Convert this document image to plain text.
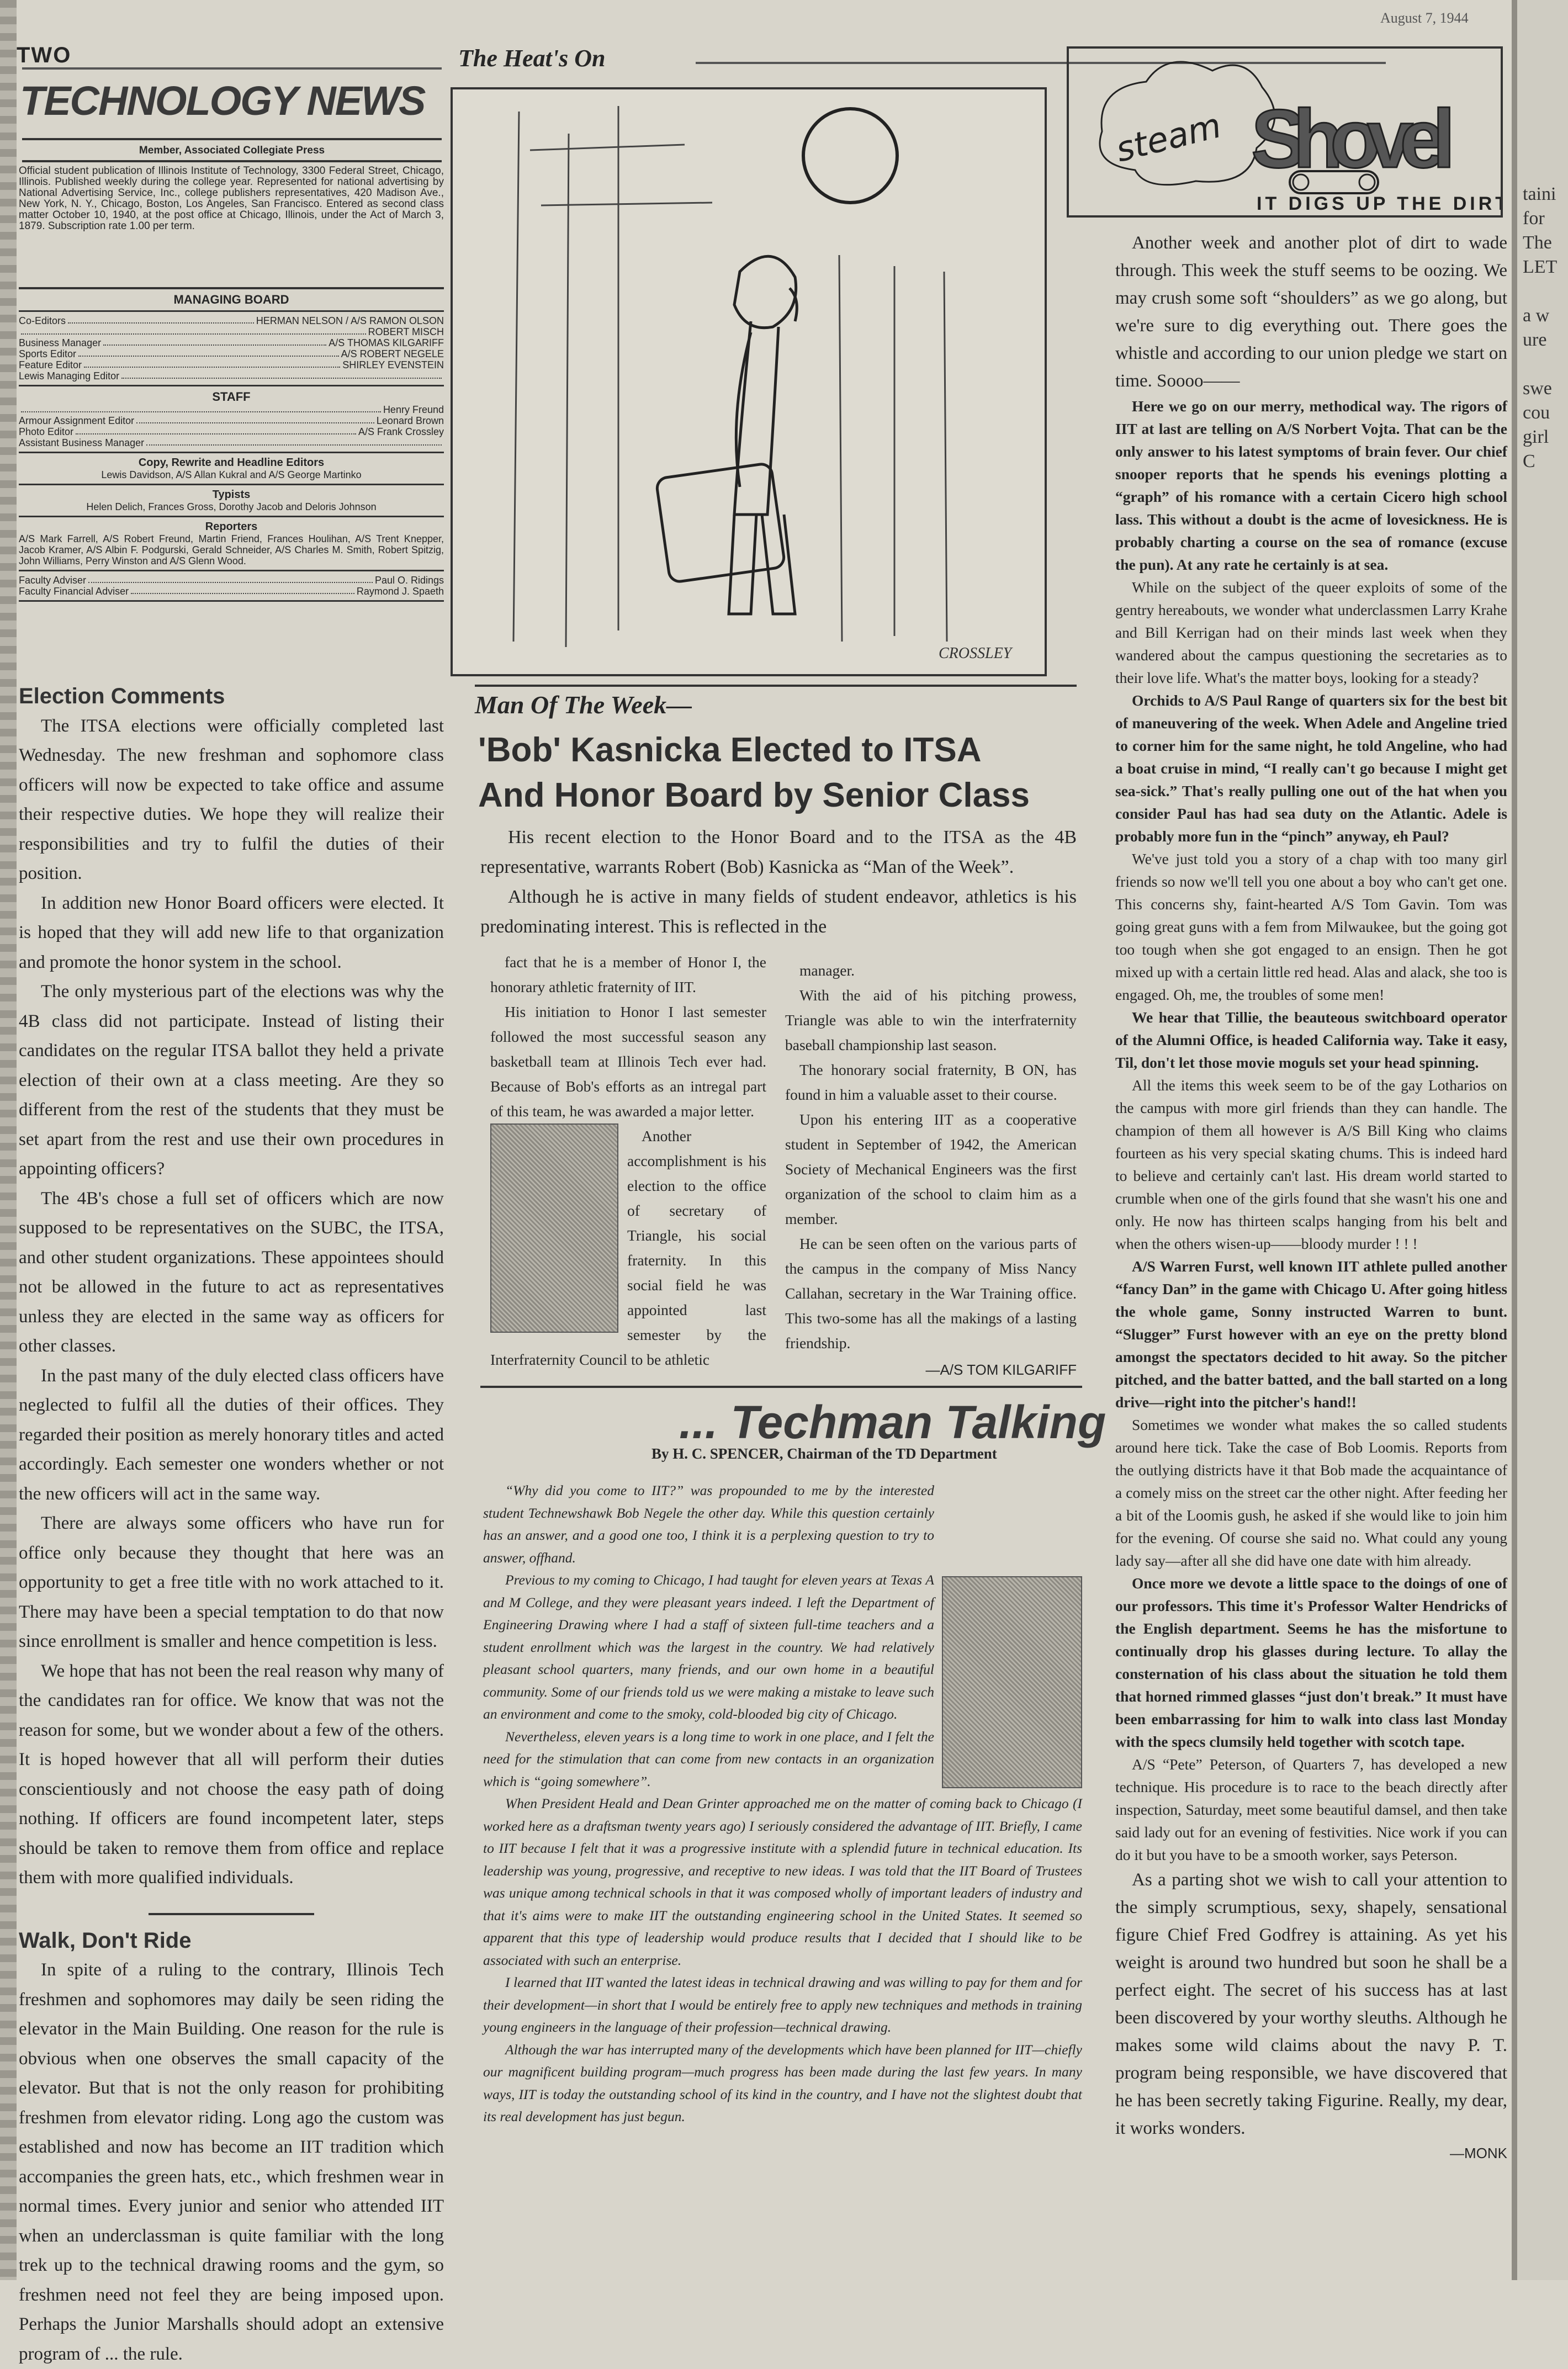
taini
for
The
LET

a w
ure

swe
cou
girl
C
TWO
August 7, 1944
TECHNOLOGY NEWS
Member, Associated Collegiate Press
Official student publication of Illinois Institute of Technology, 3300 Federal Street, Chicago, Illinois. Published weekly during the college year. Represented for national advertising by National Advertising Service, Inc., college publishers representatives, 420 Madison Ave., New York, N. Y., Chicago, Boston, Los Angeles, San Francisco. Entered as second class matter October 10, 1940, at the post office at Chicago, Illinois, under the Act of March 3, 1879. Subscription rate 1.00 per term.
MANAGING BOARD
Co-Editors	HERMAN NELSON / A/S RAMON OLSON
ROBERT MISCH
Business Manager	A/S THOMAS KILGARIFF
Sports Editor	A/S ROBERT NEGELE
Feature Editor	SHIRLEY EVENSTEIN
Lewis Managing Editor
STAFF
Henry Freund
Armour Assignment Editor	Leonard Brown
Photo Editor	A/S Frank Crossley
Assistant Business Manager
Copy, Rewrite and Headline Editors
Lewis Davidson, A/S Allan Kukral and A/S George Martinko
Typists
Helen Delich, Frances Gross, Dorothy Jacob and Deloris Johnson
Reporters
A/S Mark Farrell, A/S Robert Freund, Martin Friend, Frances Houlihan, A/S Trent Knepper, Jacob Kramer, A/S Albin F. Podgurski, Gerald Schneider, A/S Charles M. Smith, Robert Spitzig, John Williams, Perry Winston and A/S Glenn Wood.
Faculty Adviser	Paul O. Ridings
Faculty Financial Adviser	Raymond J. Spaeth
Election Comments

The ITSA elections were officially completed last Wednesday. The new freshman and sophomore class officers will now be expected to take office and assume their respective duties. We hope they will realize their responsibilities and try to fulfil the duties of their position.

In addition new Honor Board officers were elected. It is hoped that they will add new life to that organization and promote the honor system in the school.

The only mysterious part of the elections was why the 4B class did not participate. Instead of listing their candidates on the regular ITSA ballot they held a private election of their own at a class meeting. Are they so different from the rest of the students that they must be set apart from the rest and use their own procedures in appointing officers?

The 4B's chose a full set of officers which are now supposed to be representatives on the SUBC, the ITSA, and other student organizations. These appointees should not be allowed in the future to act as representatives unless they are elected in the same way as officers for other classes.

In the past many of the duly elected class officers have neglected to fulfil all the duties of their offices. They regarded their position as merely honorary titles and acted accordingly. Each semester one wonders whether or not the new officers will act in the same way.

There are always some officers who have run for office only because they thought that here was an opportunity to get a free title with no work attached to it. There may have been a special temptation to do that now since enrollment is smaller and hence competition is less.

We hope that has not been the real reason why many of the candidates ran for office. We know that was not the reason for some, but we wonder about a few of the others. It is hoped however that all will perform their duties conscientiously and not choose the easy path of doing nothing. If officers are found incompetent later, steps should be taken to remove them from office and replace them with more qualified individuals.

Walk, Don't Ride

In spite of a ruling to the contrary, Illinois Tech freshmen and sophomores may daily be seen riding the elevator in the Main Building. One reason for the rule is obvious when one observes the small capacity of the elevator. But that is not the only reason for prohibiting freshmen from elevator riding. Long ago the custom was established and now has become an IIT tradition which accompanies the green hats, etc., which freshmen wear in normal times. Every junior and senior who attended IIT when an underclassman is quite familiar with the long trek up to the technical drawing rooms and the gym, so freshmen need not feel they are being imposed upon. Perhaps the Junior Marshalls should adopt an extensive program of ... the rule.

The Heat's On
CROSSLEY
Man Of The Week—
'Bob' Kasnicka Elected to ITSA
And Honor Board by Senior Class

His recent election to the Honor Board and to the ITSA as the 4B representative, warrants Robert (Bob) Kasnicka as “Man of the Week”.

Although he is active in many fields of student endeavor, athletics is his predominating interest. This is reflected in the

fact that he is a member of Honor I, the honorary athletic fraternity of IIT.

His initiation to Honor I last semester followed the most successful season any basketball team at Illinois Tech ever had. Because of Bob's efforts as an intregal part of this team, he was awarded a major letter.

Another accomplishment is his election to the office of secretary of Triangle, his social fraternity. In this social field he was appointed last semester by the Interfraternity Council to be athletic

manager.

With the aid of his pitching prowess, Triangle was able to win the interfraternity baseball championship last season.

The honorary social fraternity, B ON, has found in him a valuable asset to their course.

Upon his entering IIT as a cooperative student in September of 1942, the American Society of Mechanical Engineers was the first organization of the school to claim him as a member.

He can be seen often on the various parts of the campus in the company of Miss Nancy Callahan, secretary in the War Training office. This two-some has all the makings of a lasting friendship.

—A/S TOM KILGARIFF
... Techman Talking
By H. C. SPENCER, Chairman of the TD Department

“Why did you come to IIT?” was propounded to me by the interested student Technewshawk Bob Negele the other day. While this question certainly has an answer, and a good one too, I think it is a perplexing question to try to answer, offhand.

Previous to my coming to Chicago, I had taught for eleven years at Texas A and M College, and they were pleasant years indeed. I left the Department of Engineering Drawing where I had a staff of sixteen full-time teachers and a student enrollment which was the largest in the country. We had relatively pleasant school quarters, many friends, and our own home in a beautiful community. Some of our friends told us we were making a mistake to leave such an environment and come to the smoky, cold-blooded big city of Chicago.

Nevertheless, eleven years is a long time to work in one place, and I felt the need for the stimulation that can come from new contacts in an organization which is “going somewhere”.

When President Heald and Dean Grinter approached me on the matter of coming back to Chicago (I worked here as a draftsman twenty years ago) I seriously considered the advantage of IIT. Briefly, I came to IIT because I felt that it was a progressive institute with a splendid future in technical education. Its leadership was young, progressive, and receptive to new ideas. I was told that the IIT Board of Trustees was unique among technical schools in that it was composed wholly of important leaders of industry and that it's aims were to make IIT the outstanding engineering school in the United States. It seemed so apparent that this type of leadership would produce results that I decided that I should like to be associated with such an enterprise.

I learned that IIT wanted the latest ideas in technical drawing and was willing to pay for them and for their development—in short that I would be entirely free to apply new techniques and methods in training young engineers in the language of their profession—technical drawing.

Although the war has interrupted many of the developments which have been planned for IIT—chiefly our magnificent building program—much progress has been made during the last few years. In many ways, IIT is today the outstanding school of its kind in the country, and I have not the slightest doubt that its real development has just begun.

steam Shovel
IT DIGS UP THE DIRT

Another week and another plot of dirt to wade through. This week the stuff seems to be oozing. We may crush some soft “shoulders” as we go along, but we're sure to dig everything out. There goes the whistle and according to our union pledge we start on time. Soooo——

Here we go on our merry, methodical way. The rigors of IIT at last are telling on A/S Norbert Vojta. That can be the only answer to his latest symptoms of brain fever. Our chief snooper reports that he spends his evenings plotting a “graph” of his romance with a certain Cicero high school lass. This without a doubt is the acme of lovesickness. He is probably charting a course on the sea of romance (excuse the pun). At any rate he certainly is at sea.

While on the subject of the queer exploits of some of the gentry hereabouts, we wonder what underclassmen Larry Krahe and Bill Kerrigan had on their minds last week when they wandered about the campus questioning the secretaries as to their love life. What's the matter boys, looking for a steady?

Orchids to A/S Paul Range of quarters six for the best bit of maneuvering of the week. When Adele and Angeline tried to corner him for the same night, he told Angeline, who had a boat cruise in mind, “I really can't go because I might get sea-sick.” That's really pulling one out of the hat when you consider Paul has had sea duty on the Atlantic. Adele is probably more fun in the “pinch” anyway, eh Paul?

We've just told you a story of a chap with too many girl friends so now we'll tell you one about a boy who can't get one. This concerns shy, faint-hearted A/S Tom Gavin. Tom was going great guns with a fem from Milwaukee, but the going got too tough when she got engaged to an ensign. Then he got mixed up with a certain little red head. Alas and alack, she too is engaged. Oh, me, the troubles of some men!

We hear that Tillie, the beauteous switchboard operator of the Alumni Office, is headed California way. Take it easy, Til, don't let those movie moguls set your head spinning.

All the items this week seem to be of the gay Lotharios on the campus with more girl friends than they can handle. The champion of them all however is A/S Bill King who claims fourteen as his very special skating chums. This is indeed hard to believe and certainly can't last. His dream world started to crumble when one of the girls found that she wasn't his one and only. He now has thirteen scalps hanging from his belt and when the others wisen-up——bloody murder ! ! !

A/S Warren Furst, well known IIT athlete pulled another “fancy Dan” in the game with Chicago U. After going hitless the whole game, Sonny instructed Warren to bunt. “Slugger” Furst however with an eye on the pretty blond amongst the spectators decided to hit away. So the pitcher pitched, and the batter batted, and the ball started on a long drive—right into the pitcher's hand!!

Sometimes we wonder what makes the so called students around here tick. Take the case of Bob Loomis. Reports from the outlying districts have it that Bob made the acquaintance of a comely miss on the street car the other night. After feeding her a bit of the Loomis gush, he asked if she would like to join him for the evening. Of course she said no. What could any young lady say—after all she did have one date with him already.

Once more we devote a little space to the doings of one of our professors. This time it's Professor Walter Hendricks of the English department. Seems he has the misfortune to continually drop his glasses during lecture. To allay the consternation of his class about the situation he told them that horned rimmed glasses “just don't break.” It must have been embarrassing for him to walk into class last Monday with the specs clumsily held together with scotch tape.

A/S “Pete” Peterson, of Quarters 7, has developed a new technique. His procedure is to race to the beach directly after inspection, Saturday, meet some beautiful damsel, and then take said lady out for an evening of festivities. Nice work if you can do it but you have to be a smooth worker, says Peterson.

As a parting shot we wish to call your attention to the simply scrumptious, sexy, shapely, sensational figure Chief Fred Godfrey is attaining. As yet his weight is around two hundred but soon he shall be a perfect eight. The secret of his success has at last been discovered by your worthy sleuths. Although he makes some wild claims about the navy P. T. program being responsible, we have discovered that he has been secretly taking Figurine. Really, my dear, it works wonders.

—MONK
